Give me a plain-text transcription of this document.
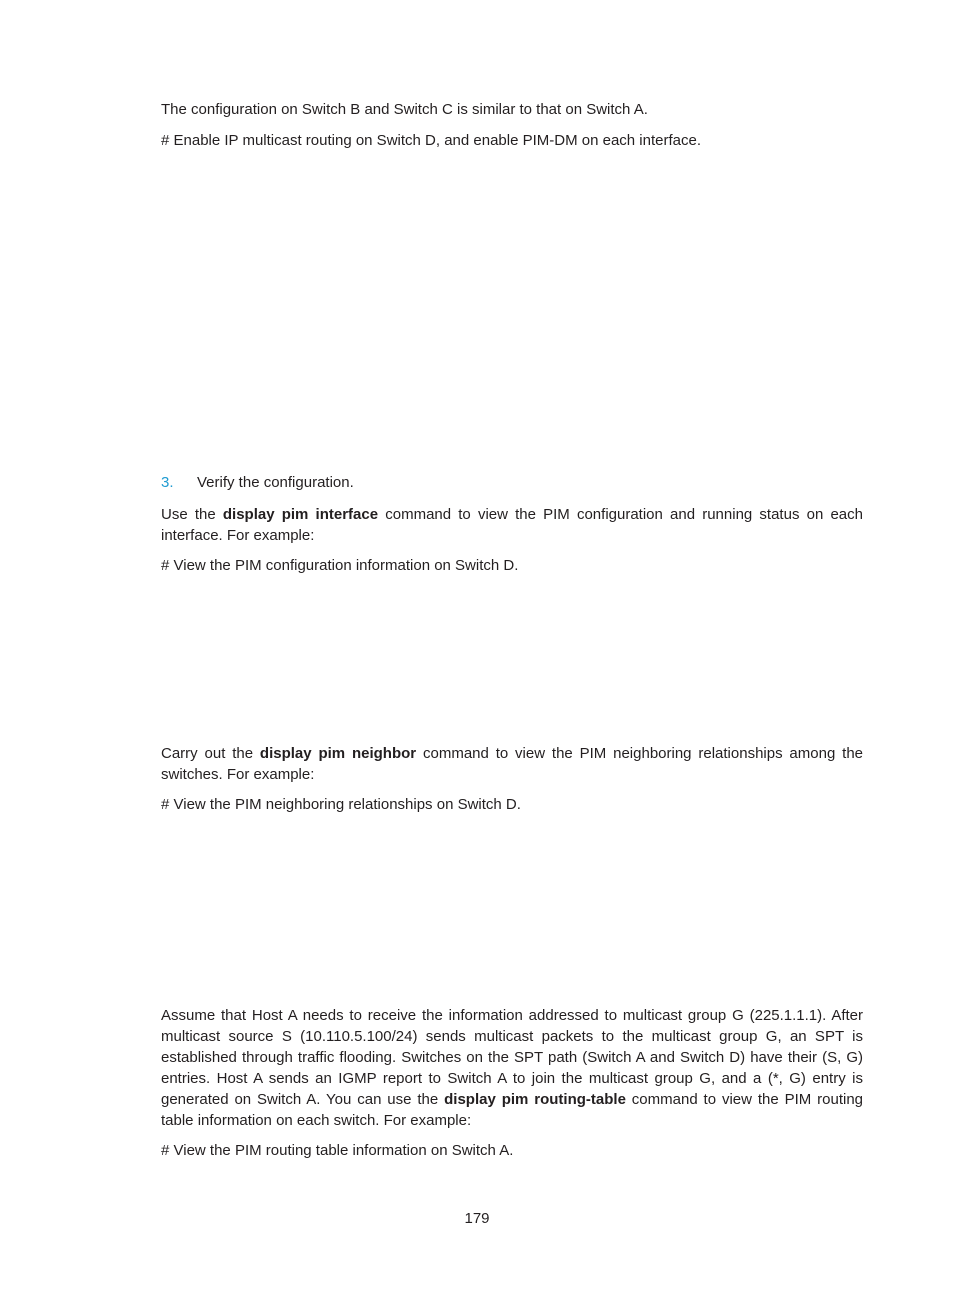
The configuration on Switch B and Switch C is similar to that on Switch A.

# Enable IP multicast routing on Switch D, and enable PIM-DM on each interface.

3. Verify the configuration.

Use the display pim interface command to view the PIM configuration and running status on each interface. For example:

# View the PIM configuration information on Switch D.

Carry out the display pim neighbor command to view the PIM neighboring relationships among the switches. For example:

# View the PIM neighboring relationships on Switch D.

Assume that Host A needs to receive the information addressed to multicast group G (225.1.1.1). After multicast source S (10.110.5.100/24) sends multicast packets to the multicast group G, an SPT is established through traffic flooding. Switches on the SPT path (Switch A and Switch D) have their (S, G) entries. Host A sends an IGMP report to Switch A to join the multicast group G, and a (*, G) entry is generated on Switch A. You can use the display pim routing-table command to view the PIM routing table information on each switch. For example:

# View the PIM routing table information on Switch A.

179
